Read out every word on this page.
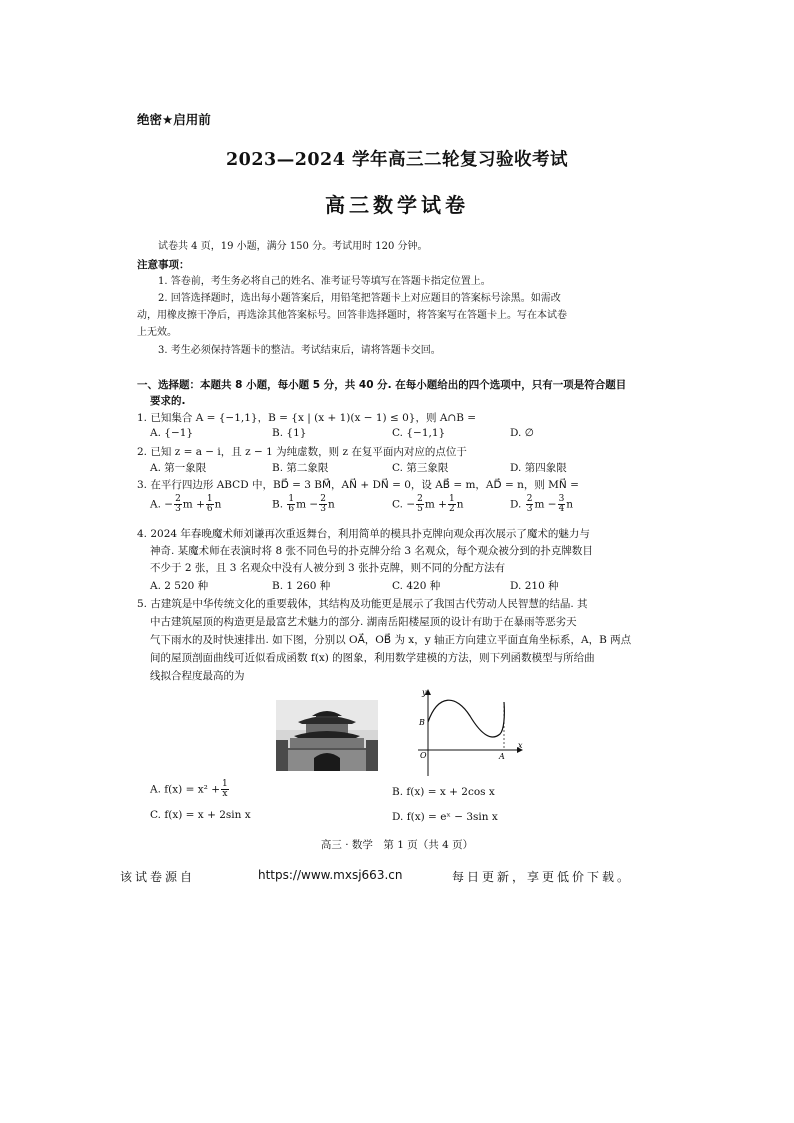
绝密★启用前
2023—2024 学年高三二轮复习验收考试
高三数学试卷
试卷共 4 页，19 小题，满分 150 分。考试用时 120 分钟。
注意事项：
1. 答卷前，考生务必将自己的姓名、准考证号等填写在答题卡指定位置上。
2. 回答选择题时，选出每小题答案后，用铅笔把答题卡上对应题目的答案标号涂黑。如需改
动，用橡皮擦干净后，再选涂其他答案标号。回答非选择题时，将答案写在答题卡上。写在本试卷
上无效。
3. 考生必须保持答题卡的整洁。考试结束后，请将答题卡交回。
一、选择题：本题共 8 小题，每小题 5 分，共 40 分. 在每小题给出的四个选项中，只有一项是符合题目
要求的.
1. 已知集合 A = {−1,1}，B = {x | (x + 1)(x − 1) ≤ 0}，则 A∩B =
A. {−1}	B. {1}	C. {−1,1}	D. ∅
2. 已知 z = a − i，且 z − 1 为纯虚数，则 z 在复平面内对应的点位于
A. 第一象限	B. 第二象限	C. 第三象限	D. 第四象限
3. 在平行四边形 ABCD 中，BD⃗ = 3 BM⃗，AN⃗ + DN⃗ = 0，设 AB⃗ = m，AD⃗ = n，则 MN⃗ =
A. − $\frac{2}{3}$ $m + \frac{1}{6}$ n	B. $\frac{1}{6}$ $m - \frac{2}{3}$ n	C. − $\frac{2}{5}$ $m + \frac{1}{2}$ n	D. $\frac{2}{3}$ $m - \frac{3}{4}$ n
4. 2024 年春晚魔术师刘谦再次重返舞台，利用简单的模具扑克牌向观众再次展示了魔术的魅力与
神奇. 某魔术师在表演时将 8 张不同色号的扑克牌分给 3 名观众，每个观众被分到的扑克牌数目
不少于 2 张，且 3 名观众中没有人被分到 3 张扑克牌，则不同的分配方法有
A. 2 520 种	B. 1 260 种	C. 420 种	D. 210 种
5. 古建筑是中华传统文化的重要载体，其结构及功能更是展示了我国古代劳动人民智慧的结晶. 其
中古建筑屋顶的构造更是最富艺术魅力的部分. 湖南岳阳楼屋顶的设计有助于在暴雨等恶劣天
气下雨水的及时快速排出. 如下图，分别以 OA⃗，OB⃗ 为 x，y 轴正方向建立平面直角坐标系，A，B 两点
间的屋顶剖面曲线可近似看成函数 f(x) 的图象，利用数学建模的方法，则下列函数模型与所给曲
线拟合程度最高的为
y
x
O
B
A
A. $f(x) = x^2 + \frac{1}{x}$	B. f(x) = x + 2cos x
C. f(x) = x + 2sin x	D. f(x) = eˣ − 3sin x
高三 · 数学　第 1 页（共 4 页）
该试卷源自	https://www.mxsj663.cn	每日更新，享更低价下载。
